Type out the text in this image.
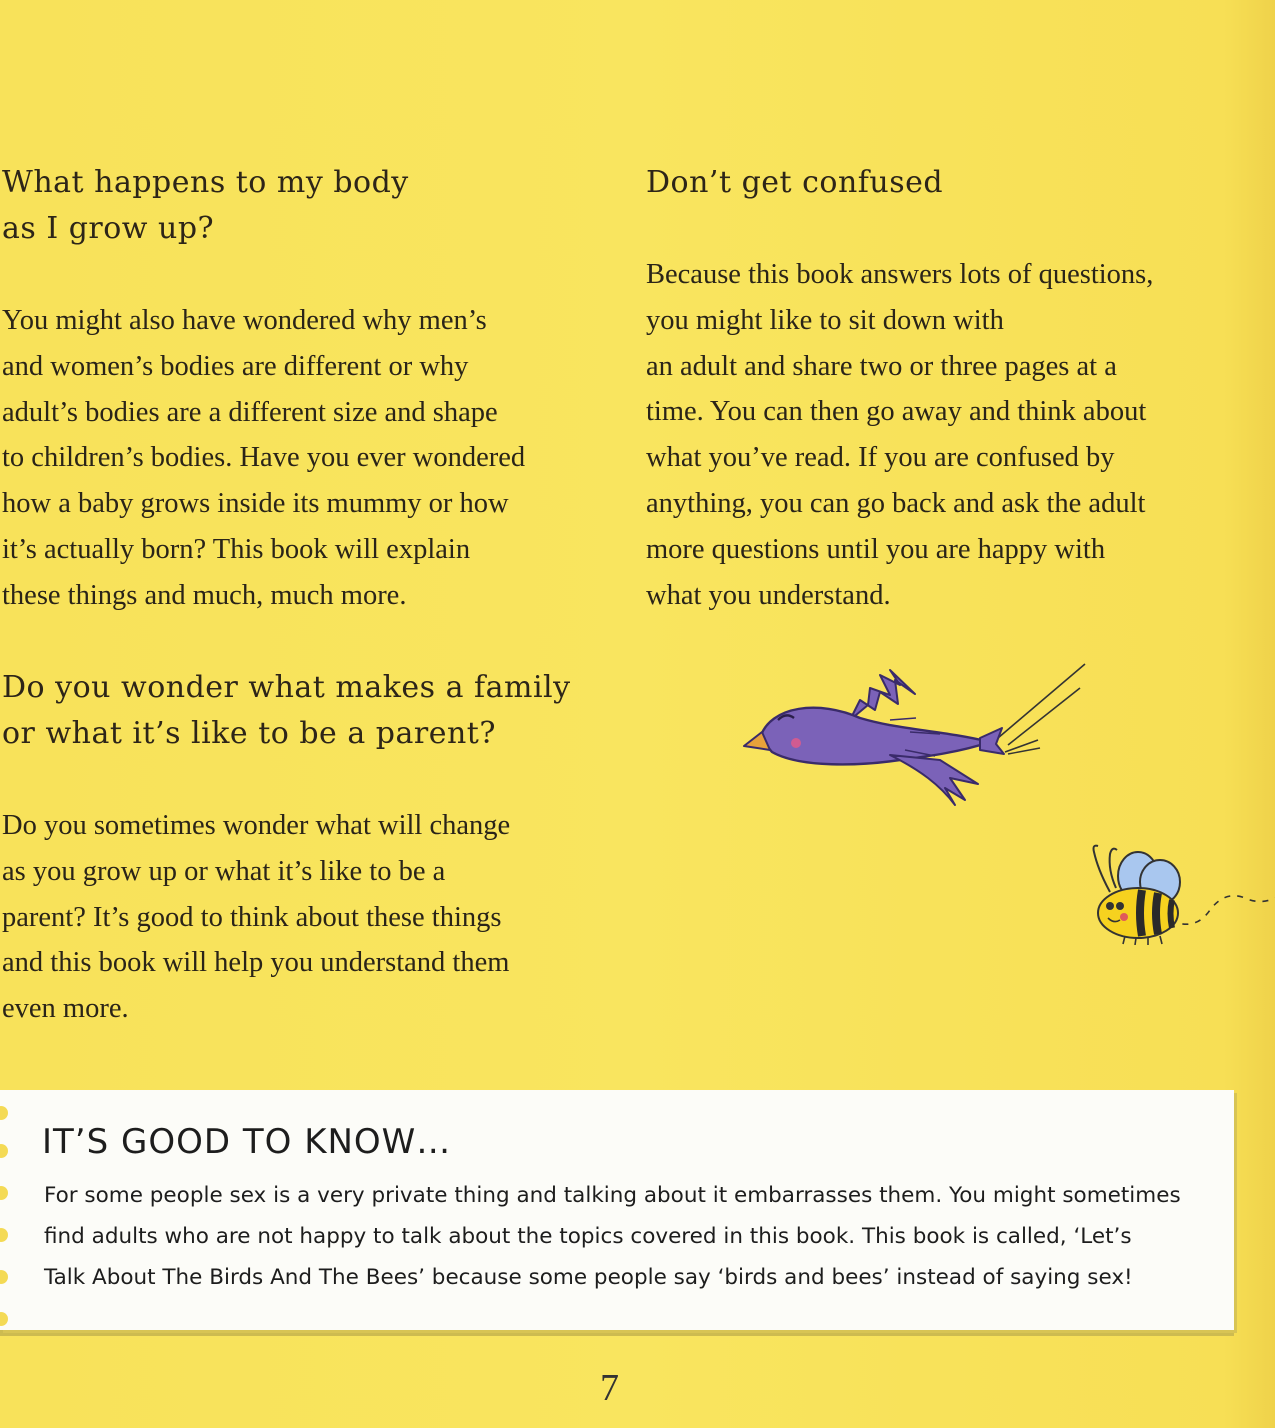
What happens to my body
as I grow up?

You might also have wondered why men’s
and women’s bodies are different or why
adult’s bodies are a different size and shape
to children’s bodies. Have you ever wondered
how a baby grows inside its mummy or how
it’s actually born? This book will explain
these things and much, much more.

Do you wonder what makes a family
or what it’s like to be a parent?

Do you sometimes wonder what will change
as you grow up or what it’s like to be a
parent? It’s good to think about these things
and this book will help you understand them
even more.

Don’t get confused

Because this book answers lots of questions,
you might like to sit down with
an adult and share two or three pages at a
time. You can then go away and think about
what you’ve read. If you are confused by
anything, you can go back and ask the adult
more questions until you are happy with
what you understand.

IT’S GOOD TO KNOW…

For some people sex is a very private thing and talking about it embarrasses them. You might sometimes
find adults who are not happy to talk about the topics covered in this book. This book is called, ‘Let’s
Talk About The Birds And The Bees’ because some people say ‘birds and bees’ instead of saying sex!

7
